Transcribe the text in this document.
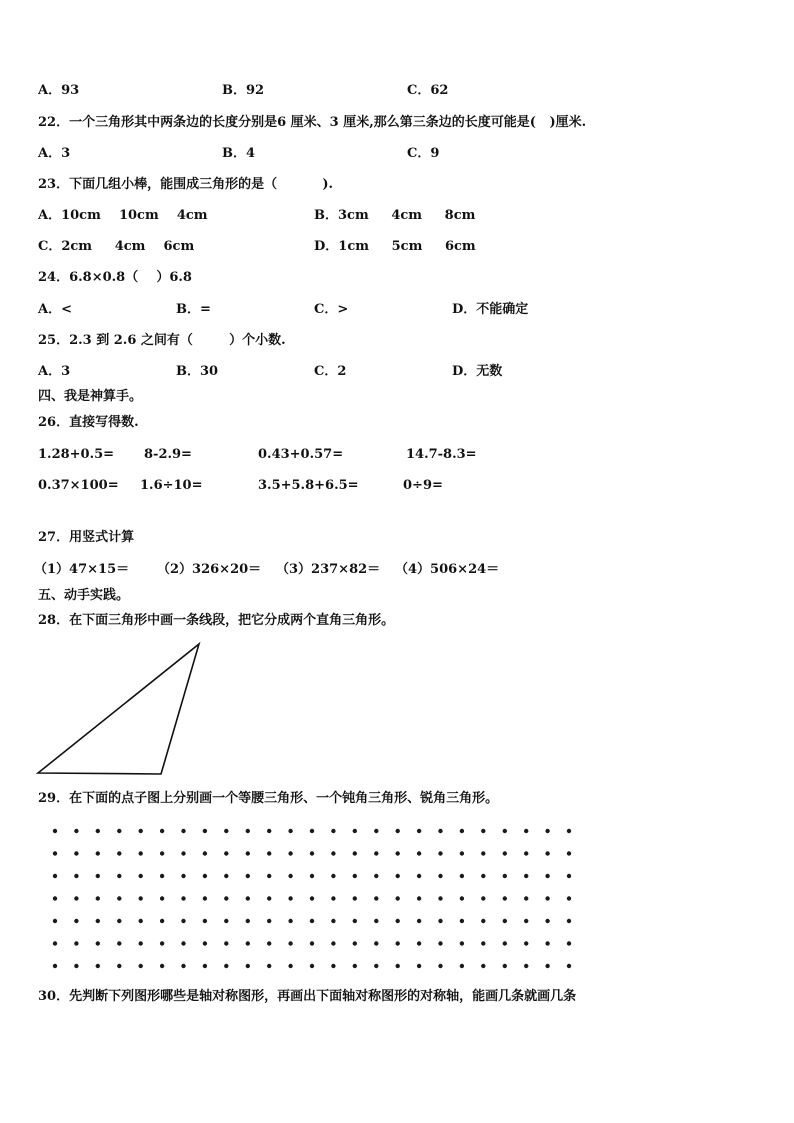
A．93	B．92	C．62
22．一个三角形其中两条边的长度分别是6 厘米、3 厘米,那么第三条边的长度可能是(   )厘米.
A．3	B．4	C．9
23．下面几组小棒，能围成三角形的是（          ).
A．10cm    10cm    4cm	B．3cm     4cm     8cm
C．2cm     4cm    6cm	D．1cm     5cm     6cm
24．6.8×0.8（    ）6.8
A．<	B．=	C．>	D．不能确定
25．2.3 到 2.6 之间有（        ）个小数.
A．3	B．30	C．2	D．无数
四、我是神算手。
26．直接写得数.
1.28+0.5= 8-2.9=	0.43+0.57=	14.7-8.3=
0.37×100= 1.6÷10=	3.5+5.8+6.5=	0÷9=
27．用竖式计算
（1）47×15＝ （2）326×20＝ （3）237×82＝ （4）506×24＝
五、动手实践。
28．在下面三角形中画一条线段，把它分成两个直角三角形。
29．在下面的点子图上分别画一个等腰三角形、一个钝角三角形、锐角三角形。
30．先判断下列图形哪些是轴对称图形，再画出下面轴对称图形的对称轴，能画几条就画几条
